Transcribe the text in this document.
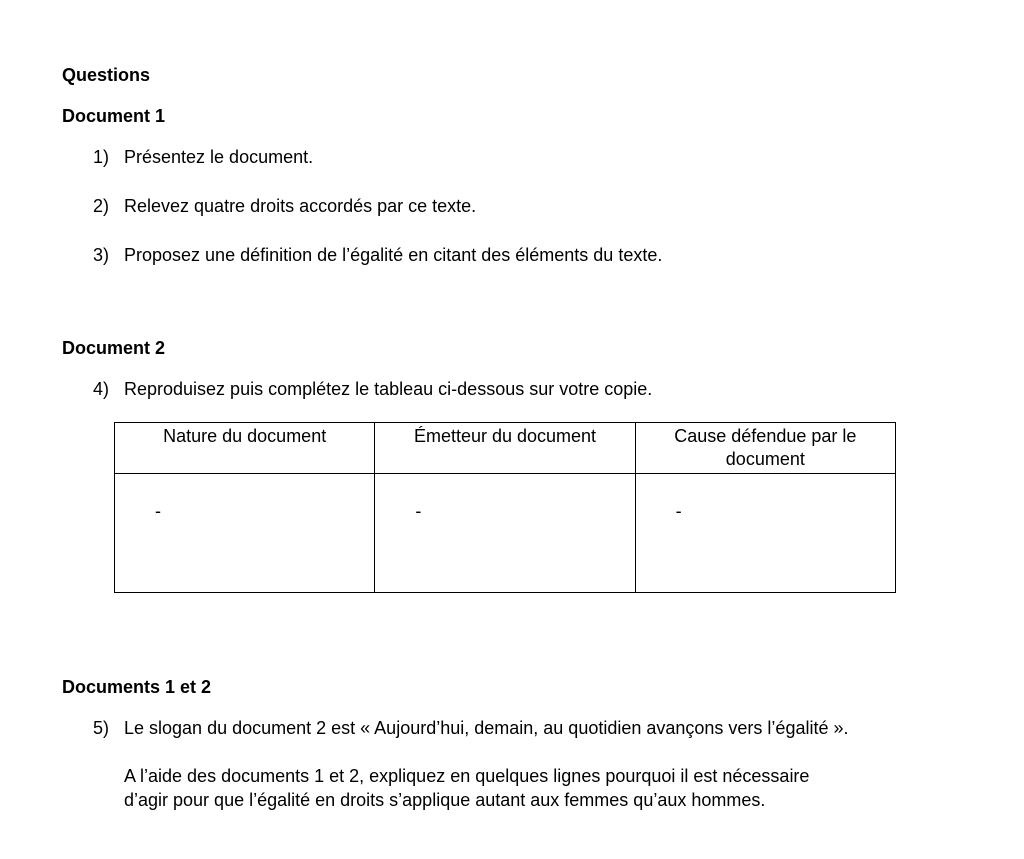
Questions
Document 1
1) Présentez le document.
2) Relevez quatre droits accordés par ce texte.
3) Proposez une définition de l’égalité en citant des éléments du texte.
Document 2
4) Reproduisez puis complétez le tableau ci-dessous sur votre copie.
Nature du document	Émetteur du document	Cause défendue par le document

-	-	-
Documents 1 et 2
5) Le slogan du document 2 est « Aujourd’hui, demain, au quotidien avançons vers l’égalité ».
A l’aide des documents 1 et 2, expliquez en quelques lignes pourquoi il est nécessaire
d’agir pour que l’égalité en droits s’applique autant aux femmes qu’aux hommes.
